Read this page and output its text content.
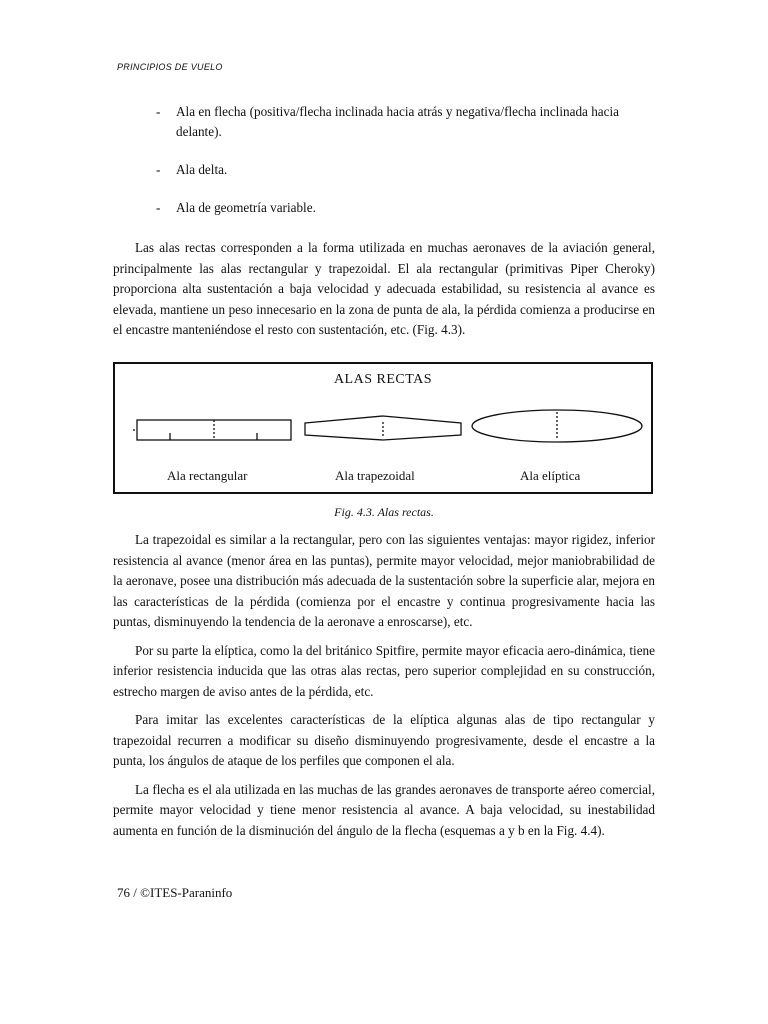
PRINCIPIOS DE VUELO
-	Ala en flecha (positiva/flecha inclinada hacia atrás y negativa/flecha inclinada hacia delante).
-	Ala delta.
-	Ala de geometría variable.

Las alas rectas corresponden a la forma utilizada en muchas aeronaves de la aviación general, principalmente las alas rectangular y trapezoidal. El ala rectangular (primitivas Piper Cheroky) proporciona alta sustentación a baja velocidad y adecuada estabilidad, su resistencia al avance es elevada, mantiene un peso innecesario en la zona de punta de ala, la pérdida comienza a producirse en el encastre manteniéndose el resto con sustentación, etc. (Fig. 4.3).

ALAS RECTAS
Ala rectangular	Ala trapezoidal	Ala elíptica
Fig. 4.3. Alas rectas.

La trapezoidal es similar a la rectangular, pero con las siguientes ventajas: mayor rigidez, inferior resistencia al avance (menor área en las puntas), permite mayor velocidad, mejor maniobrabilidad de la aeronave, posee una distribución más adecuada de la sustentación sobre la superficie alar, mejora en las características de la pérdida (comienza por el encastre y continua progresivamente hacia las puntas, disminuyendo la tendencia de la aeronave a enroscarse), etc.

Por su parte la elíptica, como la del británico Spitfire, permite mayor eficacia aero-dinámica, tiene inferior resistencia inducida que las otras alas rectas, pero superior complejidad en su construcción, estrecho margen de aviso antes de la pérdida, etc.

Para imitar las excelentes características de la elíptica algunas alas de tipo rectangular y trapezoidal recurren a modificar su diseño disminuyendo progresivamente, desde el encastre a la punta, los ángulos de ataque de los perfiles que componen el ala.

La flecha es el ala utilizada en las muchas de las grandes aeronaves de transporte aéreo comercial, permite mayor velocidad y tiene menor resistencia al avance. A baja velocidad, su inestabilidad aumenta en función de la disminución del ángulo de la flecha (esquemas a y b en la Fig. 4.4).

76 / ©ITES-Paraninfo
